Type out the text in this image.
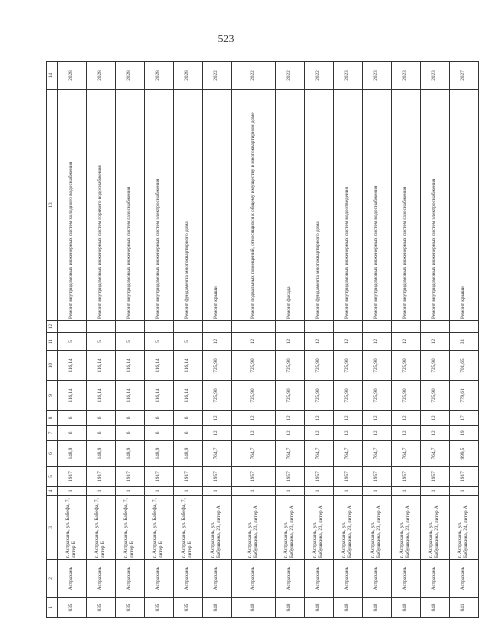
523
1	2	3	4	5	6	7	8	9	10	11	12	13	14
835	Астрахань	г. Астрахань, ул. Бабефа, 7, литер Б	1	1917	148,9	6	6	116,14	116,14	5		Ремонт внутридомовых инженерных систем холодного водоснабжения	2028
835	Астрахань	г. Астрахань, ул. Бабефа, 7, литер Б	1	1917	148,9	6	6	116,14	116,14	5		Ремонт внутридомовых инженерных систем горячего водоснабжения	2028
835	Астрахань	г. Астрахань, ул. Бабефа, 7, литер Б	1	1917	148,9	6	6	116,14	116,14	5		Ремонт внутридомовых инженерных систем газоснабжения	2028
835	Астрахань	г. Астрахань, ул. Бабефа, 7, литер Б	1	1917	148,9	6	6	116,14	116,14	5		Ремонт внутридомовых инженерных систем электроснабжения	2028
835	Астрахань	г. Астрахань, ул. Бабефа, 7, литер Б	1	1917	148,9	6	6	116,14	116,14	5		Ремонт фундамента многоквартирного дома	2028
840	Астрахань	г. Астрахань, ул. Бабушкина, 23, литер А	1	1957	764,7	12	12	725,90	725,90	12		Ремонт крыши	2022
840	Астрахань	г. Астрахань, ул. Бабушкина, 23, литер А	1	1957	764,7	12	12	725,90	725,90	12		Ремонт подвальных помещений, относящихся к общему имуществу в многоквартирном доме	2022
840	Астрахань	г. Астрахань, ул. Бабушкина, 23, литер А	1	1957	764,7	12	12	725,90	725,90	12		Ремонт фасада	2022
840	Астрахань	г. Астрахань, ул. Бабушкина, 23, литер А	1	1957	764,7	12	12	725,90	725,90	12		Ремонт фундамента многоквартирного дома	2022
840	Астрахань	г. Астрахань, ул. Бабушкина, 23, литер А	1	1957	764,7	12	12	725,90	725,90	12		Ремонт внутридомовых инженерных систем водоотведения	2023
840	Астрахань	г. Астрахань, ул. Бабушкина, 23, литер А	1	1957	764,7	12	12	725,90	725,90	12		Ремонт внутридомовых инженерных систем водоснабжения	2023
840	Астрахань	г. Астрахань, ул. Бабушкина, 23, литер А	1	1957	764,7	12	12	725,90	725,90	12		Ремонт внутридомовых инженерных систем газоснабжения	2023
840	Астрахань	г. Астрахань, ул. Бабушкина, 23, литер А	1	1957	764,7	12	12	725,90	725,90	12		Ремонт внутридомовых инженерных систем электроснабжения	2023
841	Астрахань	г. Астрахань, ул. Бабушкина, 24, литер А	1	1917	999,5	19	17	779,61	701,65	31		Ремонт крыши	2027
